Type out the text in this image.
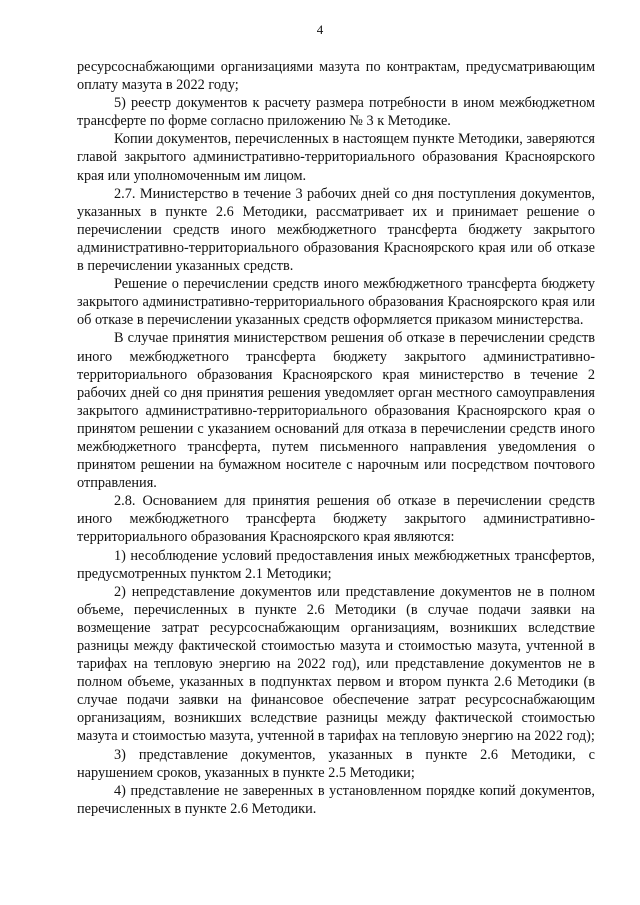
4

ресурсоснабжающими организациями мазута по контрактам, предусматривающим оплату мазута в 2022 году;

5) реестр документов к расчету размера потребности в ином межбюджетном трансферте по форме согласно приложению № 3 к Методике.

Копии документов, перечисленных в настоящем пункте Методики, заверяются главой закрытого административно-территориального образования Красноярского края или уполномоченным им лицом.

2.7. Министерство в течение 3 рабочих дней со дня поступления документов, указанных в пункте 2.6 Методики, рассматривает их и принимает решение о перечислении средств иного межбюджетного трансферта бюджету закрытого административно-территориального образования Красноярского края или об отказе в перечислении указанных средств.

Решение о перечислении средств иного межбюджетного трансферта бюджету закрытого административно-территориального образования Красноярского края или об отказе в перечислении указанных средств оформляется приказом министерства.

В случае принятия министерством решения об отказе в перечислении средств иного межбюджетного трансферта бюджету закрытого административно-территориального образования Красноярского края министерство в течение 2 рабочих дней со дня принятия решения уведомляет орган местного самоуправления закрытого административно-территориального образования Красноярского края о принятом решении с указанием оснований для отказа в перечислении средств иного межбюджетного трансферта, путем письменного направления уведомления о принятом решении на бумажном носителе с нарочным или посредством почтового отправления.

2.8. Основанием для принятия решения об отказе в перечислении средств иного межбюджетного трансферта бюджету закрытого административно-территориального образования Красноярского края являются:

1) несоблюдение условий предоставления иных межбюджетных трансфертов, предусмотренных пунктом 2.1 Методики;

2) непредставление документов или представление документов не в полном объеме, перечисленных в пункте 2.6 Методики (в случае подачи заявки на возмещение затрат ресурсоснабжающим организациям, возникших вследствие разницы между фактической стоимостью мазута и стоимостью мазута, учтенной в тарифах на тепловую энергию на 2022 год), или представление документов не в полном объеме, указанных в подпунктах первом и втором пункта 2.6 Методики (в случае подачи заявки на финансовое обеспечение затрат ресурсоснабжающим организациям, возникших вследствие разницы между фактической стоимостью мазута и стоимостью мазута, учтенной в тарифах на тепловую энергию на 2022 год);

3) представление документов, указанных в пункте 2.6 Методики, с нарушением сроков, указанных в пункте 2.5 Методики;

4) представление не заверенных в установленном порядке копий документов, перечисленных в пункте 2.6 Методики.
